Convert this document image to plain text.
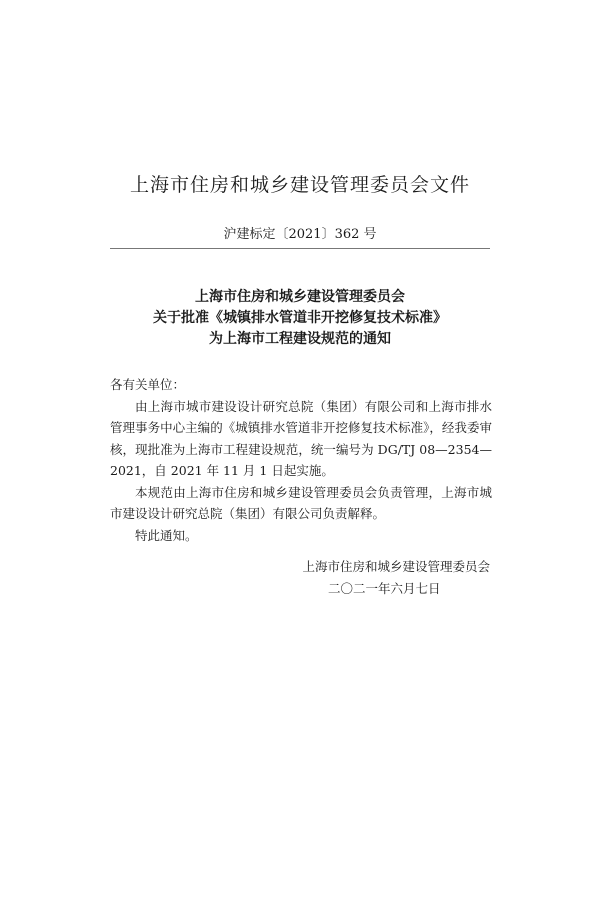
上海市住房和城乡建设管理委员会文件
沪建标定〔2021〕362 号
上海市住房和城乡建设管理委员会
关于批准《城镇排水管道非开挖修复技术标准》
为上海市工程建设规范的通知

各有关单位：

由上海市城市建设设计研究总院（集团）有限公司和上海市排水管理事务中心主编的《城镇排水管道非开挖修复技术标准》，经我委审核，现批准为上海市工程建设规范，统一编号为 DG/TJ 08—2354—2021，自 2021 年 11 月 1 日起实施。

本规范由上海市住房和城乡建设管理委员会负责管理，上海市城市建设设计研究总院（集团）有限公司负责解释。

特此通知。

上海市住房和城乡建设管理委员会
二〇二一年六月七日
